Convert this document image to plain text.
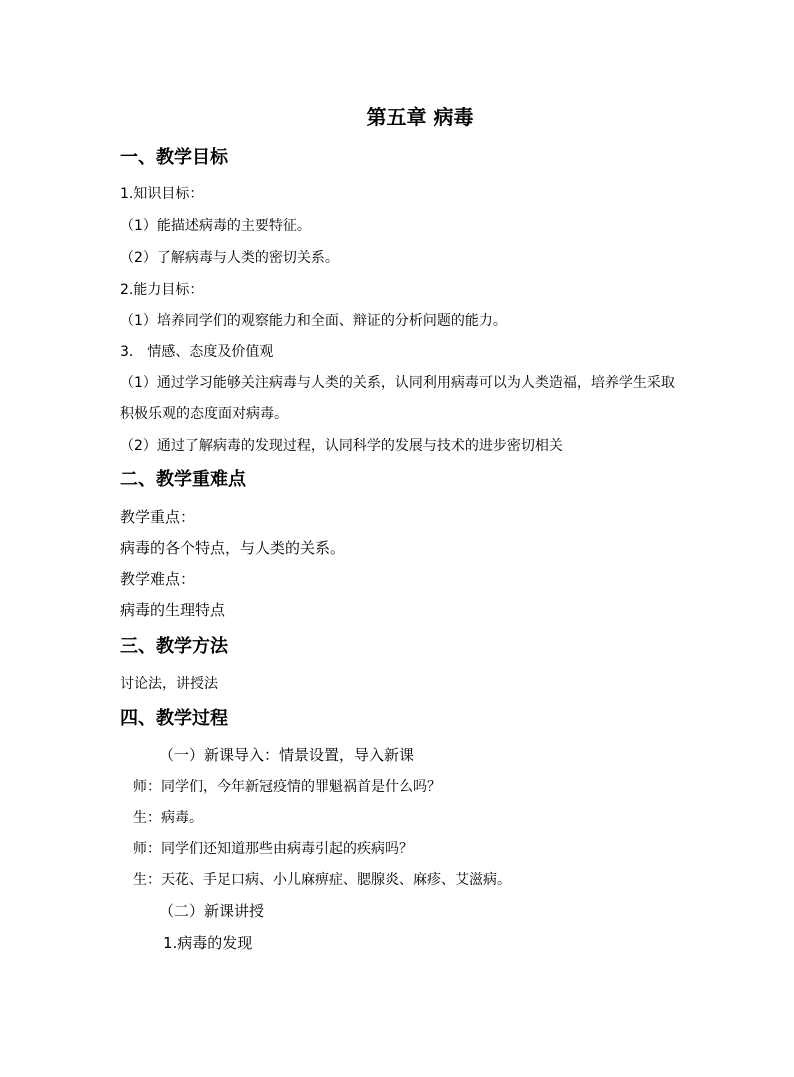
第五章 病毒
一、教学目标
1.知识目标：
（1）能描述病毒的主要特征。
（2）了解病毒与人类的密切关系。
2.能力目标：
（1）培养同学们的观察能力和全面、辩证的分析问题的能力。
3． 情感、态度及价值观
（1）通过学习能够关注病毒与人类的关系，认同利用病毒可以为人类造福，培养学生采取
积极乐观的态度面对病毒。
（2）通过了解病毒的发现过程，认同科学的发展与技术的进步密切相关
二、教学重难点
教学重点：
病毒的各个特点，与人类的关系。
教学难点：
病毒的生理特点
三、教学方法
讨论法，讲授法
四、教学过程
（一）新课导入：情景设置，导入新课
师：同学们，今年新冠疫情的罪魁祸首是什么吗？
生：病毒。
师：同学们还知道那些由病毒引起的疾病吗？
生：天花、手足口病、小儿麻痹症、腮腺炎、麻疹、艾滋病。
（二）新课讲授
1.病毒的发现
